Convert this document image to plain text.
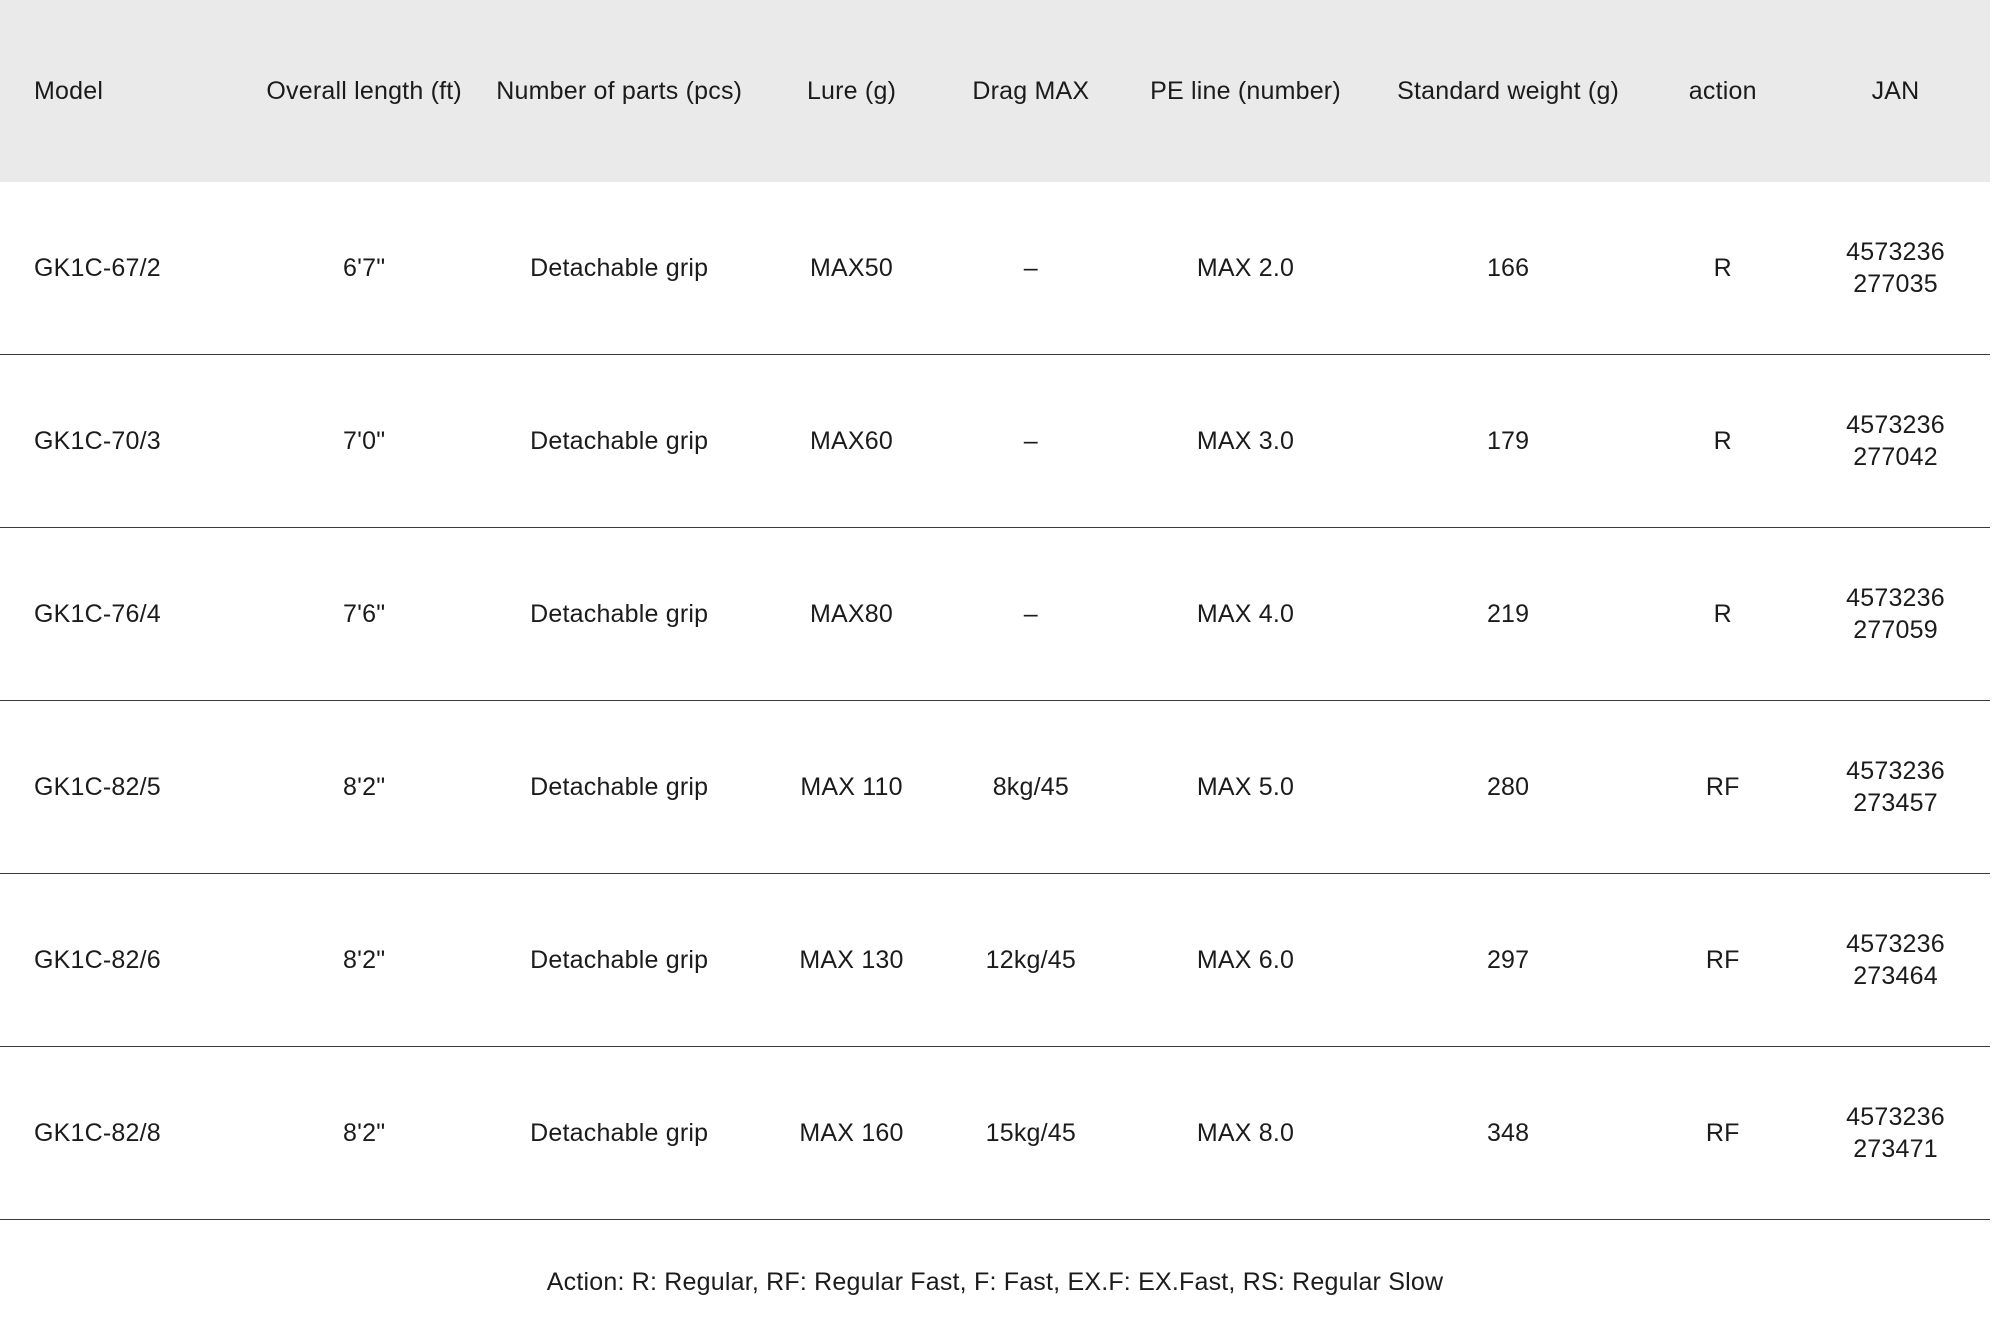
Model	Overall length (ft)	Number of parts (pcs)	Lure (g)	Drag MAX	PE line (number)	Standard weight (g)	action	JAN
GK1C-67/2	6'7"	Detachable grip	MAX50	–	MAX 2.0	166	R	4573236
277035

GK1C-70/3	7'0"	Detachable grip	MAX60	–	MAX 3.0	179	R	4573236
277042

GK1C-76/4	7'6"	Detachable grip	MAX80	–	MAX 4.0	219	R	4573236
277059

GK1C-82/5	8'2"	Detachable grip	MAX 110	8kg/45	MAX 5.0	280	RF	4573236
273457

GK1C-82/6	8'2"	Detachable grip	MAX 130	12kg/45	MAX 6.0	297	RF	4573236
273464

GK1C-82/8	8'2"	Detachable grip	MAX 160	15kg/45	MAX 8.0	348	RF	4573236
273471
Action: R: Regular, RF: Regular Fast, F: Fast, EX.F: EX.Fast, RS: Regular Slow
